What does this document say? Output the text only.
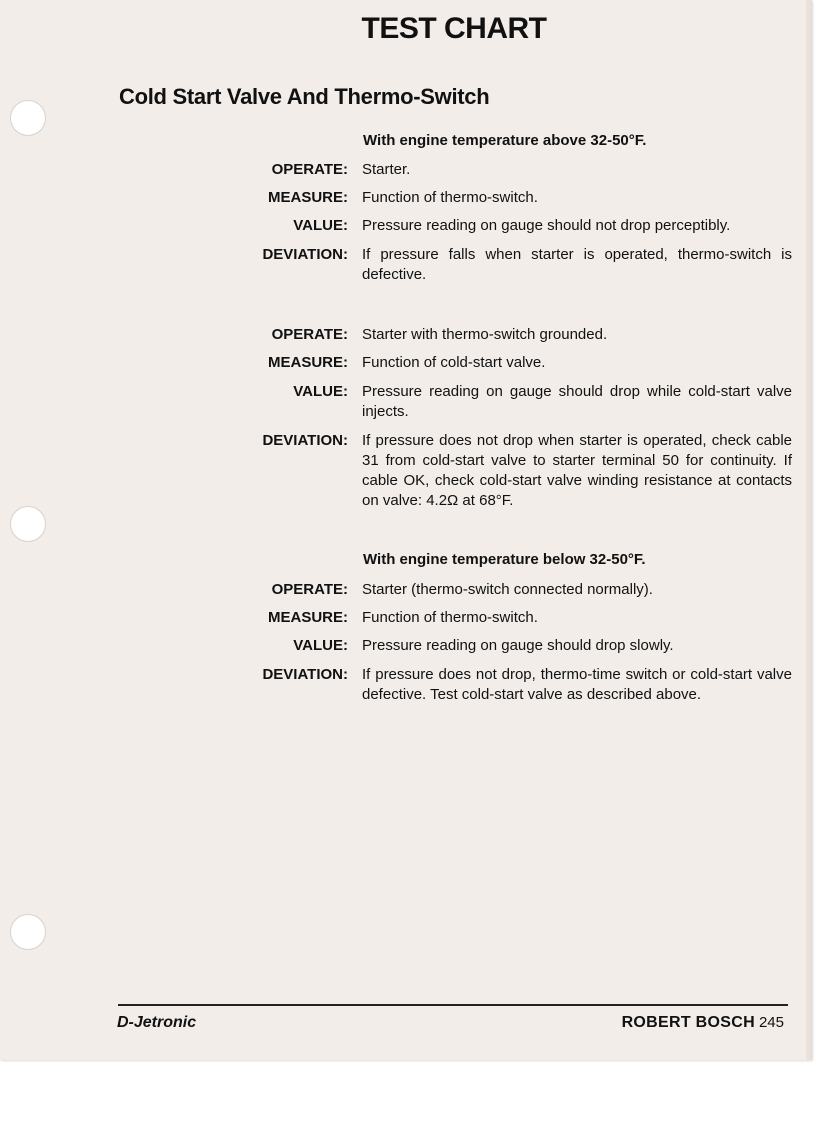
TEST CHART
Cold Start Valve And Thermo-Switch
With engine temperature above 32-50°F.
OPERATE: Starter.
MEASURE: Function of thermo-switch.
VALUE: Pressure reading on gauge should not drop perceptibly.
DEVIATION: If pressure falls when starter is operated, thermo-switch is defective.
OPERATE: Starter with thermo-switch grounded.
MEASURE: Function of cold-start valve.
VALUE: Pressure reading on gauge should drop while cold-start valve injects.
DEVIATION: If pressure does not drop when starter is operated, check cable 31 from cold-start valve to starter terminal 50 for continuity. If cable OK, check cold-start valve winding resistance at contacts on valve: 4.2Ω at 68°F.
With engine temperature below 32-50°F.
OPERATE: Starter (thermo-switch connected normally).
MEASURE: Function of thermo-switch.
VALUE: Pressure reading on gauge should drop slowly.
DEVIATION: If pressure does not drop, thermo-time switch or cold-start valve defective. Test cold-start valve as described above.
D-Jetronic	ROBERT BOSCH 245
